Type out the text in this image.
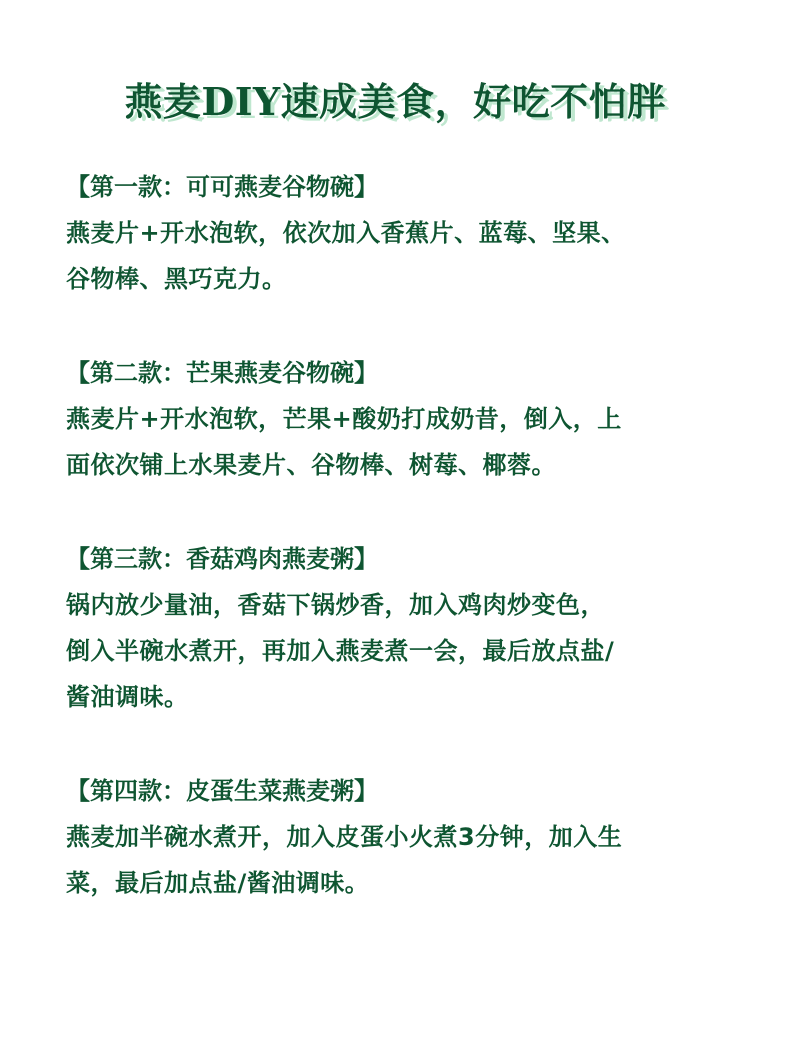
燕麦DIY速成美食，好吃不怕胖

【第一款：可可燕麦谷物碗】

燕麦片+开水泡软，依次加入香蕉片、蓝莓、坚果、
谷物棒、黑巧克力。

【第二款：芒果燕麦谷物碗】

燕麦片+开水泡软，芒果+酸奶打成奶昔，倒入，上
面依次铺上水果麦片、谷物棒、树莓、椰蓉。

【第三款：香菇鸡肉燕麦粥】

锅内放少量油，香菇下锅炒香，加入鸡肉炒变色，
倒入半碗水煮开，再加入燕麦煮一会，最后放点盐/
酱油调味。

【第四款：皮蛋生菜燕麦粥】

燕麦加半碗水煮开，加入皮蛋小火煮3分钟，加入生
菜，最后加点盐/酱油调味。
